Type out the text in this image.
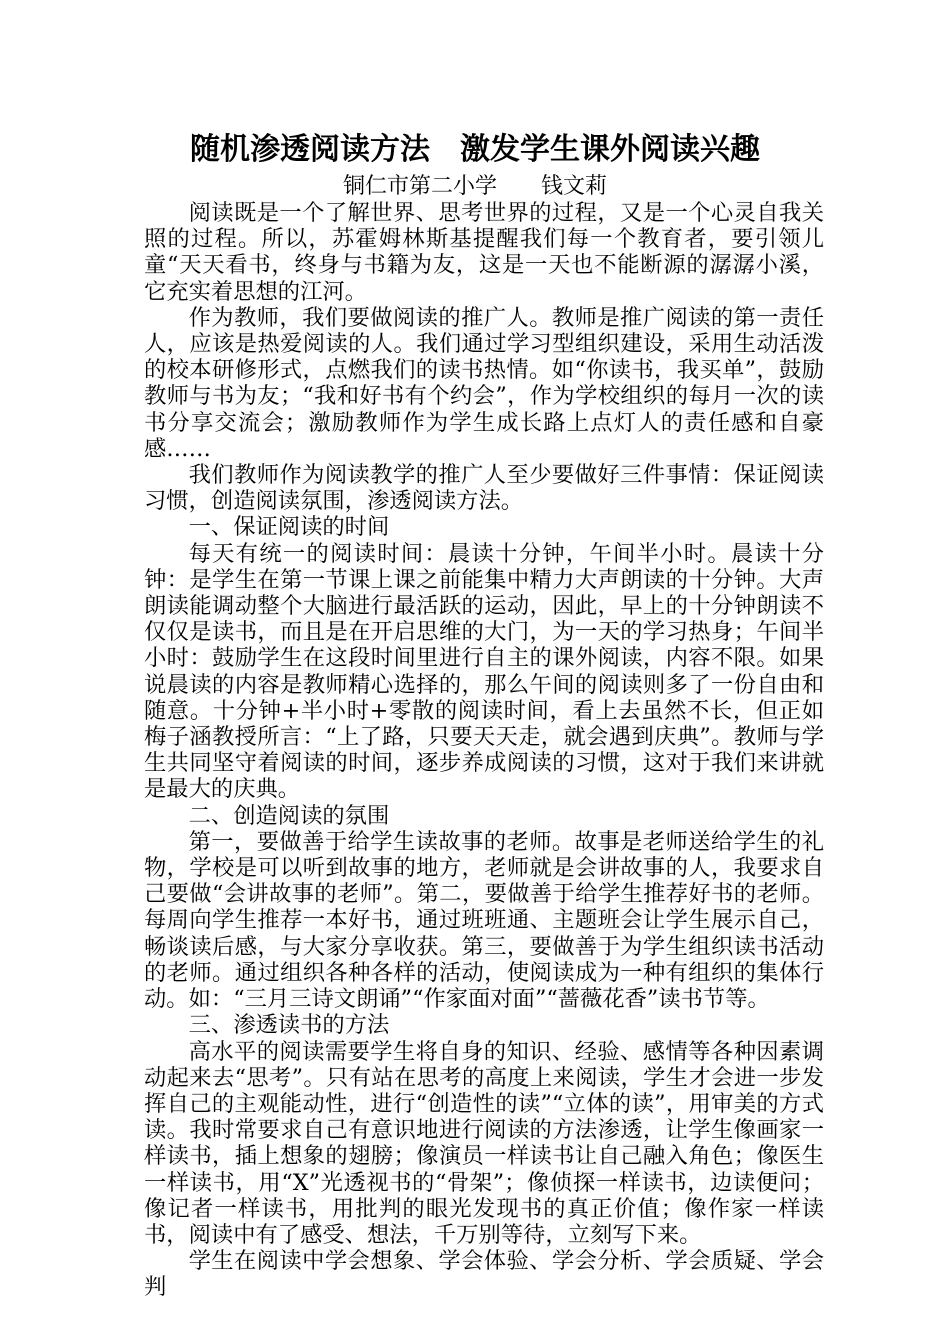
随机渗透阅读方法　激发学生课外阅读兴趣
铜仁市第二小学　　钱文莉

阅读既是一个了解世界、思考世界的过程，又是一个心灵自我关照的过程。所以，苏霍姆林斯基提醒我们每一个教育者，要引领儿童“天天看书，终身与书籍为友，这是一天也不能断源的潺潺小溪，它充实着思想的江河。

作为教师，我们要做阅读的推广人。教师是推广阅读的第一责任人，应该是热爱阅读的人。我们通过学习型组织建设，采用生动活泼的校本研修形式，点燃我们的读书热情。如“你读书，我买单”，鼓励教师与书为友；“我和好书有个约会”，作为学校组织的每月一次的读书分享交流会；激励教师作为学生成长路上点灯人的责任感和自豪感……

我们教师作为阅读教学的推广人至少要做好三件事情：保证阅读习惯，创造阅读氛围，渗透阅读方法。

一、保证阅读的时间

每天有统一的阅读时间：晨读十分钟，午间半小时。晨读十分钟：是学生在第一节课上课之前能集中精力大声朗读的十分钟。大声朗读能调动整个大脑进行最活跃的运动，因此，早上的十分钟朗读不仅仅是读书，而且是在开启思维的大门，为一天的学习热身；午间半小时：鼓励学生在这段时间里进行自主的课外阅读，内容不限。如果说晨读的内容是教师精心选择的，那么午间的阅读则多了一份自由和随意。十分钟+半小时+零散的阅读时间，看上去虽然不长，但正如梅子涵教授所言：“上了路，只要天天走，就会遇到庆典”。教师与学生共同坚守着阅读的时间，逐步养成阅读的习惯，这对于我们来讲就是最大的庆典。

二、创造阅读的氛围

第一，要做善于给学生读故事的老师。故事是老师送给学生的礼物，学校是可以听到故事的地方，老师就是会讲故事的人，我要求自己要做“会讲故事的老师”。第二，要做善于给学生推荐好书的老师。每周向学生推荐一本好书，通过班班通、主题班会让学生展示自己，畅谈读后感，与大家分享收获。第三，要做善于为学生组织读书活动的老师。通过组织各种各样的活动，使阅读成为一种有组织的集体行动。如：“三月三诗文朗诵”“作家面对面”“蔷薇花香”读书节等。

三、渗透读书的方法

高水平的阅读需要学生将自身的知识、经验、感情等各种因素调动起来去“思考”。只有站在思考的高度上来阅读，学生才会进一步发挥自己的主观能动性，进行“创造性的读”“立体的读”，用审美的方式读。我时常要求自己有意识地进行阅读的方法渗透，让学生像画家一样读书，插上想象的翅膀；像演员一样读书让自己融入角色；像医生一样读书，用“X”光透视书的“骨架”；像侦探一样读书，边读便问；像记者一样读书，用批判的眼光发现书的真正价值；像作家一样读书，阅读中有了感受、想法，千万别等待，立刻写下来。

学生在阅读中学会想象、学会体验、学会分析、学会质疑、学会判
